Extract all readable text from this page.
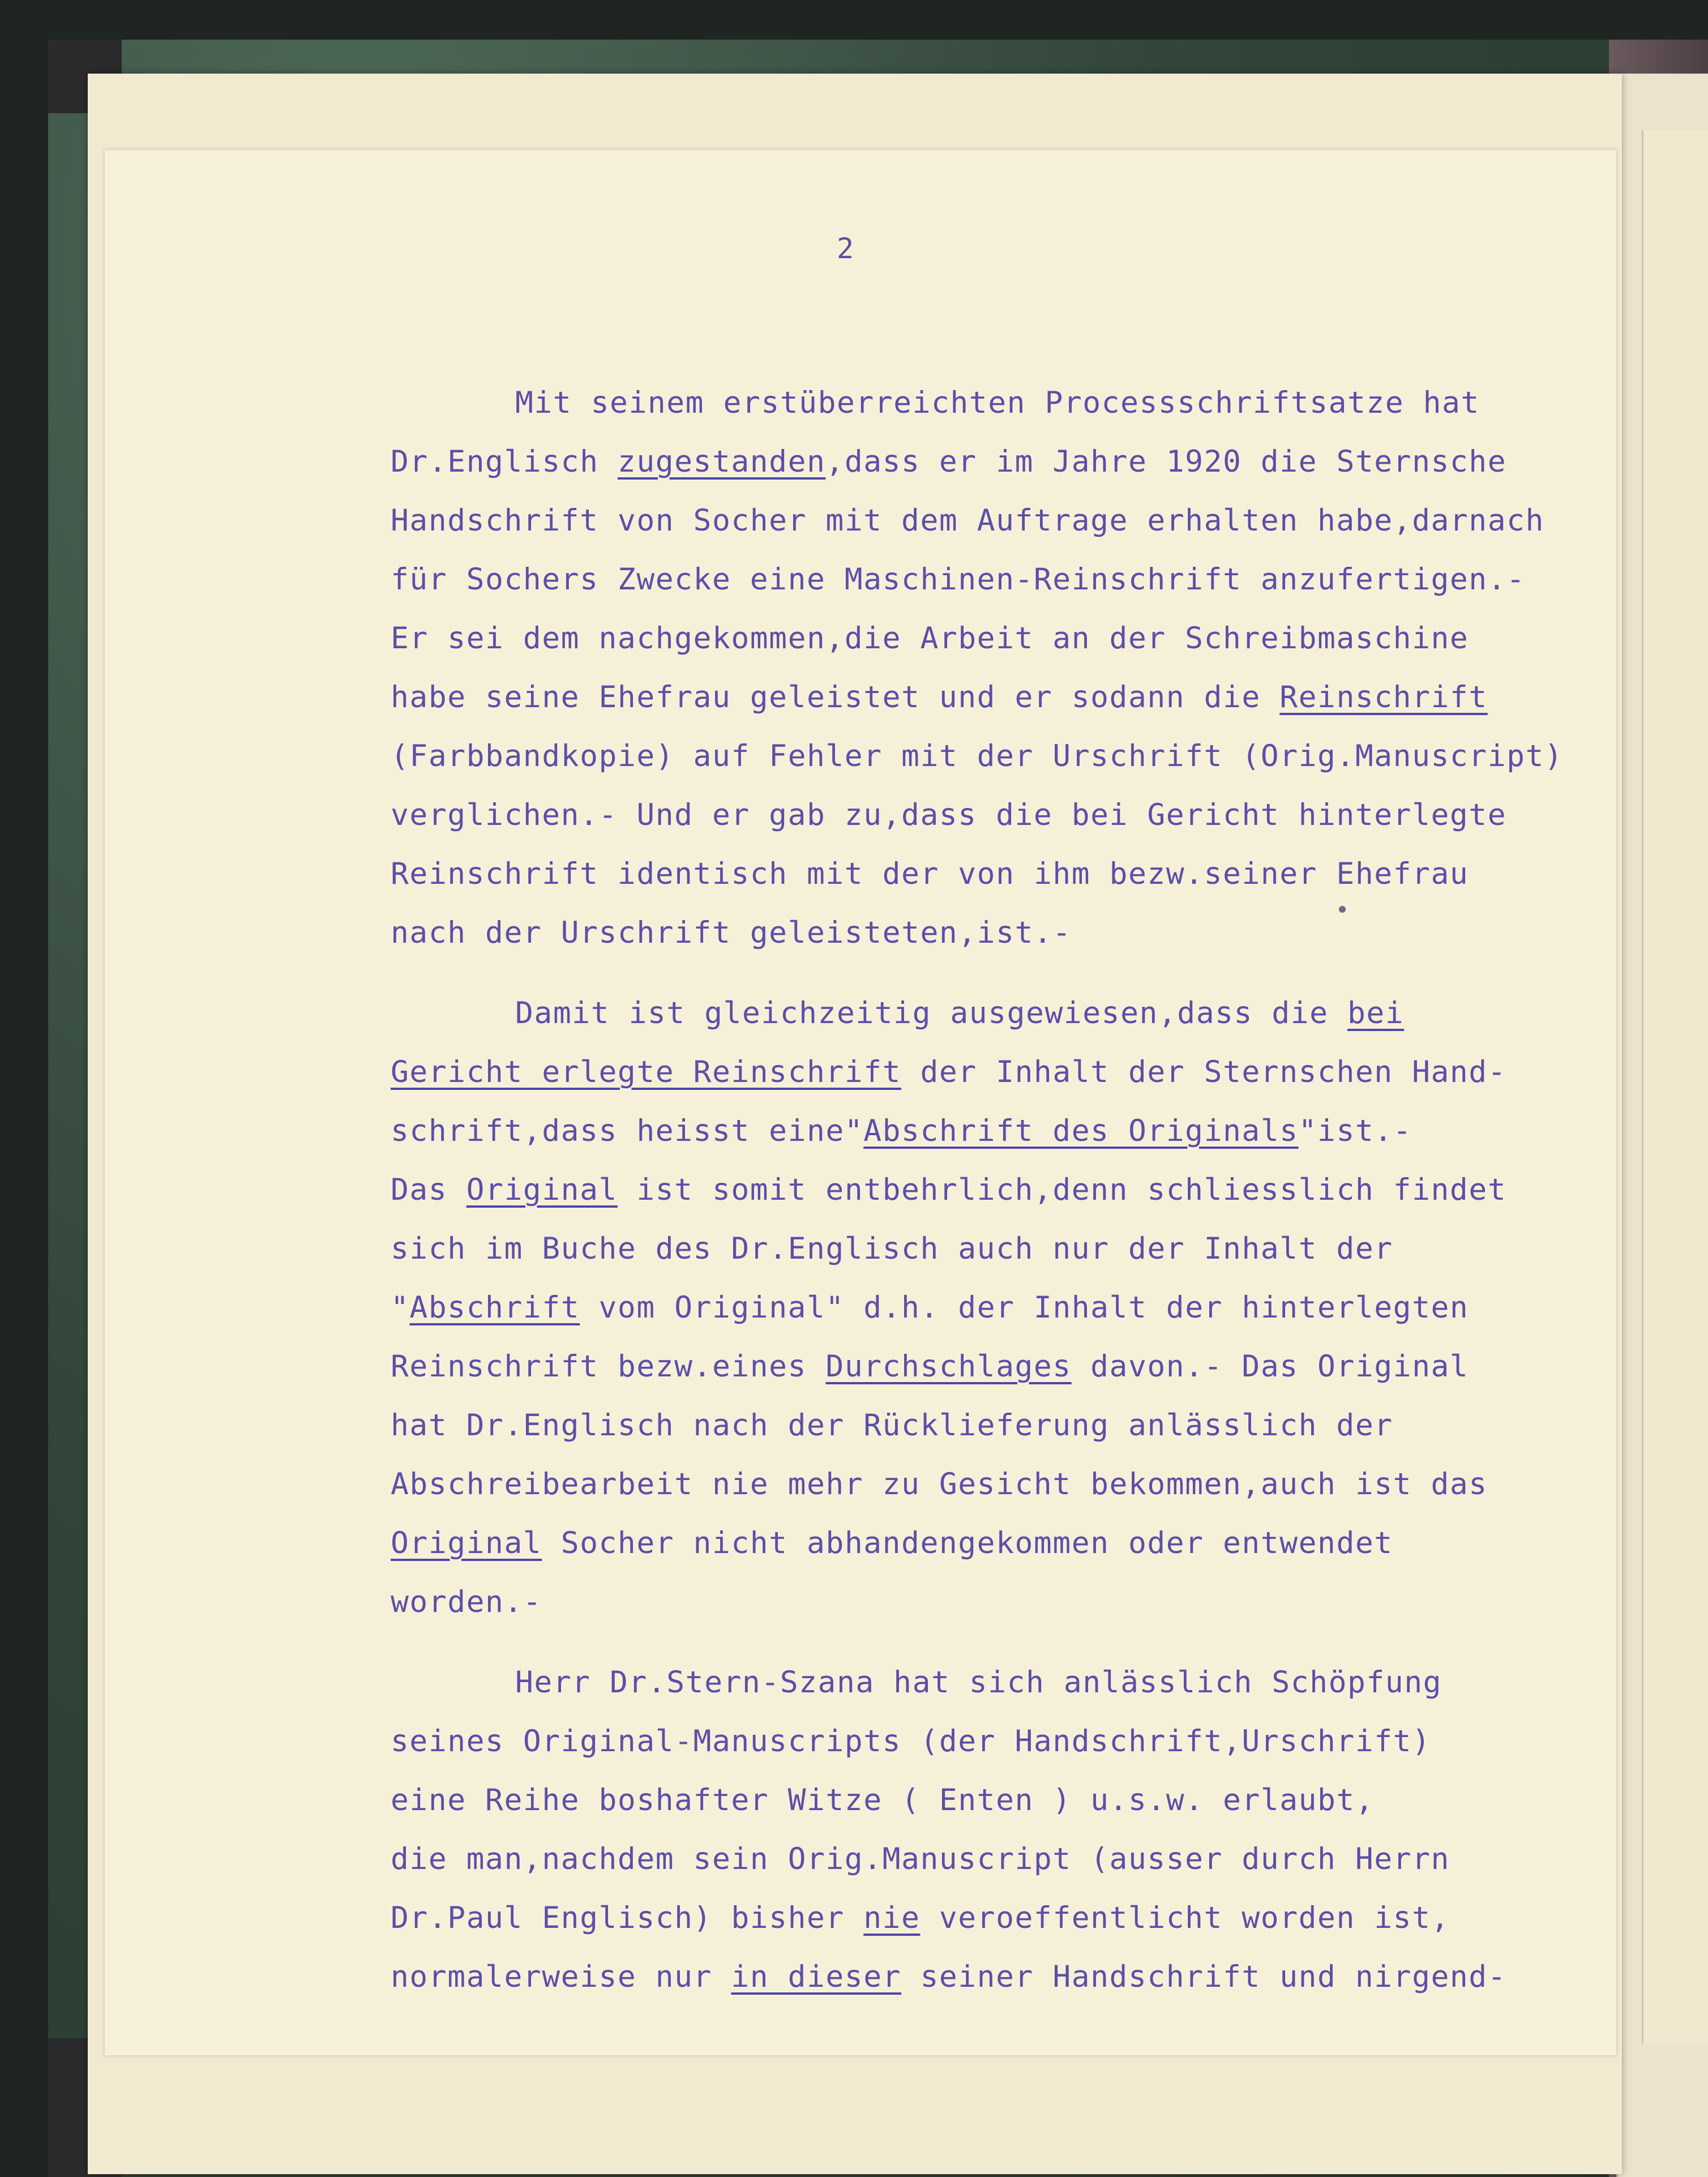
2
Mit seinem erstüberreichten Processschriftsatze hat
Dr.Englisch zugestanden,dass er im Jahre 1920 die Sternsche
Handschrift von Socher mit dem Auftrage erhalten habe,darnach
für Sochers Zwecke eine Maschinen-Reinschrift anzufertigen.-
Er sei dem nachgekommen,die Arbeit an der Schreibmaschine
habe seine Ehefrau geleistet und er sodann die Reinschrift
(Farbbandkopie) auf Fehler mit der Urschrift (Orig.Manuscript)
verglichen.- Und er gab zu,dass die bei Gericht hinterlegte
Reinschrift identisch mit der von ihm bezw.seiner Ehefrau
nach der Urschrift geleisteten,ist.-
Damit ist gleichzeitig ausgewiesen,dass die bei
Gericht erlegte Reinschrift der Inhalt der Sternschen Hand-
schrift,dass heisst eine"Abschrift des Originals"ist.-
Das Original ist somit entbehrlich,denn schliesslich findet
sich im Buche des Dr.Englisch auch nur der Inhalt der
"Abschrift vom Original" d.h. der Inhalt der hinterlegten
Reinschrift bezw.eines Durchschlages davon.- Das Original
hat Dr.Englisch nach der Rücklieferung anlässlich der
Abschreibearbeit nie mehr zu Gesicht bekommen,auch ist das
Original Socher nicht abhandengekommen oder entwendet
worden.-
Herr Dr.Stern-Szana hat sich anlässlich Schöpfung
seines Original-Manuscripts (der Handschrift,Urschrift)
eine Reihe boshafter Witze ( Enten ) u.s.w. erlaubt,
die man,nachdem sein Orig.Manuscript (ausser durch Herrn
Dr.Paul Englisch) bisher nie veroeffentlicht worden ist,
normalerweise nur in dieser seiner Handschrift und nirgend-
